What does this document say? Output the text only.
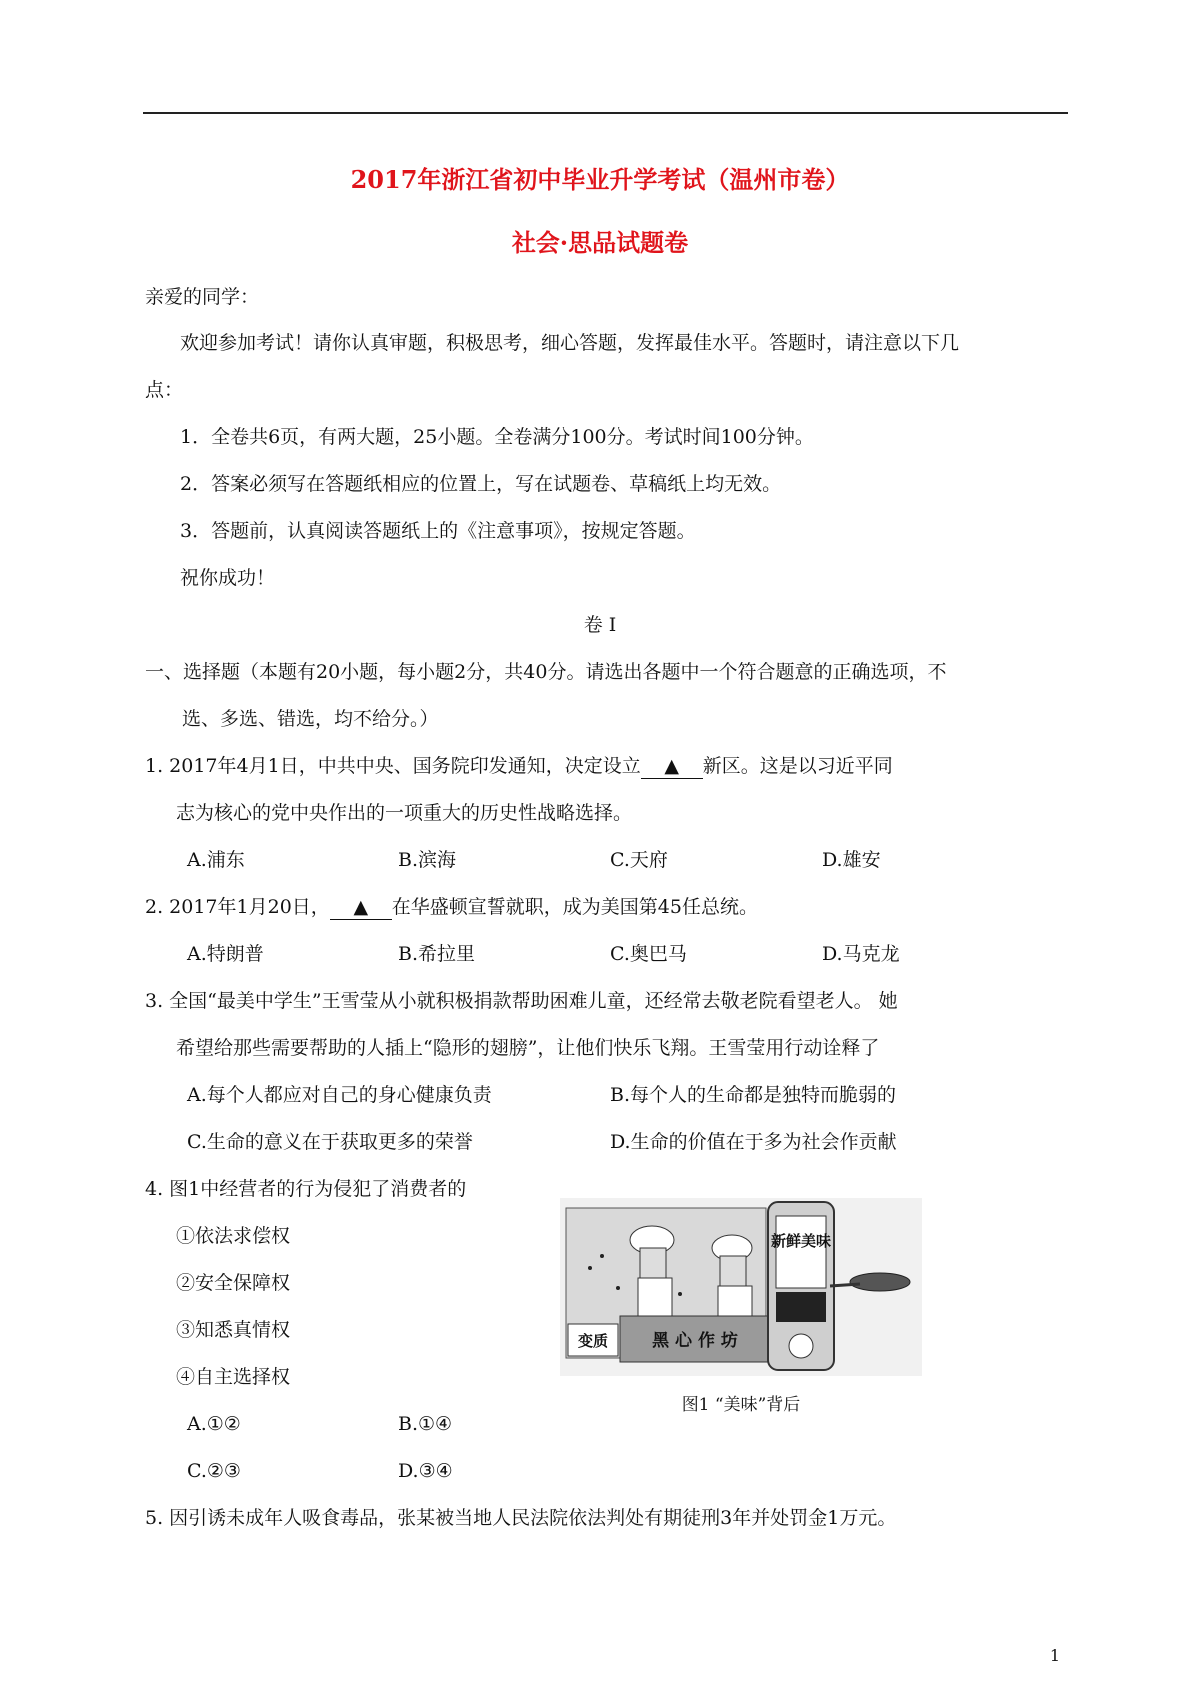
2017年浙江省初中毕业升学考试（温州市卷）
社会·思品试题卷
亲爱的同学：
欢迎参加考试！请你认真审题，积极思考，细心答题，发挥最佳水平。答题时，请注意以下几
点：
1．全卷共6页，有两大题，25小题。全卷满分100分。考试时间100分钟。
2．答案必须写在答题纸相应的位置上，写在试题卷、草稿纸上均无效。
3．答题前，认真阅读答题纸上的《注意事项》，按规定答题。
祝你成功！
卷 Ⅰ
一、选择题（本题有20小题，每小题2分，共40分。请选出各题中一个符合题意的正确选项，不
选、多选、错选，均不给分。）
1. 2017年4月1日，中共中央、国务院印发通知，决定设立 ▲ 新区。这是以习近平同
志为核心的党中央作出的一项重大的历史性战略选择。
A.浦东	B.滨海	C.天府	D.雄安
2. 2017年1月20日， ▲ 在华盛顿宣誓就职，成为美国第45任总统。
A.特朗普	B.希拉里	C.奥巴马	D.马克龙
3. 全国“最美中学生”王雪莹从小就积极捐款帮助困难儿童，还经常去敬老院看望老人。 她
希望给那些需要帮助的人插上“隐形的翅膀”，让他们快乐飞翔。王雪莹用行动诠释了
A.每个人都应对自己的身心健康负责	B.每个人的生命都是独特而脆弱的
C.生命的意义在于获取更多的荣誉	D.生命的价值在于多为社会作贡献
4. 图1中经营者的行为侵犯了消费者的
①依法求偿权
②安全保障权
③知悉真情权
④自主选择权
A.①②	B.①④
C.②③	D.③④
黑 心 作 坊
变质
新鲜美味
图1 “美味”背后
5. 因引诱未成年人吸食毒品，张某被当地人民法院依法判处有期徒刑3年并处罚金1万元。
1
